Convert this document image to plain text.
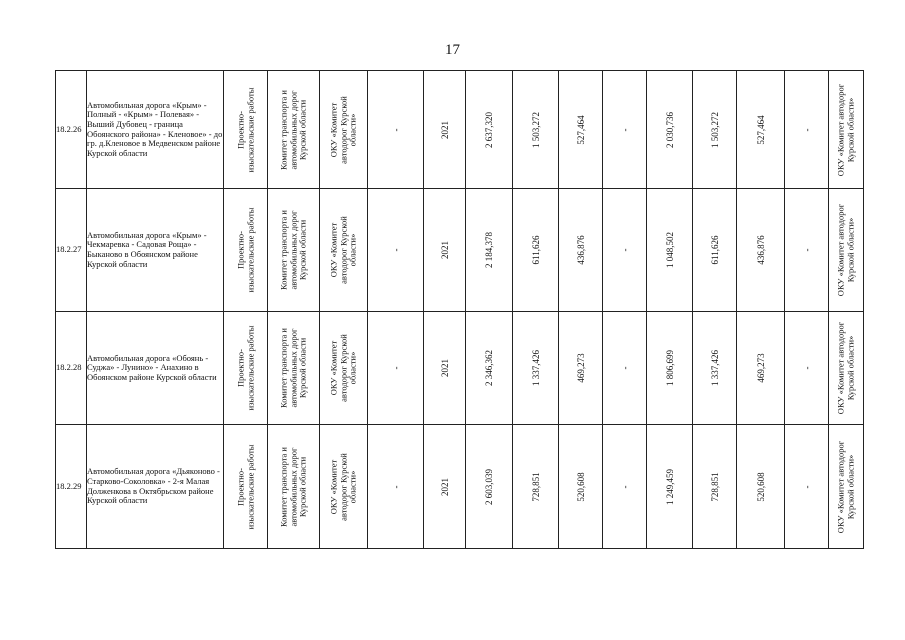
17
18.2.26	Автомобильная дорога «Крым» - Полный - «Крым» - Полевая» - Выший Дубовец - граница Обоянского района» - Кленовое» - до гр. д.Кленовое в Медвенском районе Курской области	Проектно-изыскательские работы	Комитет транспорта и автомобильных дорог Курской области	ОКУ «Комитет автодорог Курской области»	-	2021	2 637,320	1 503,272	527,464	-	2 030,736	1 503,272	527,464	-	ОКУ «Комитет автодорог Курской области»

18.2.27	Автомобильная дорога «Крым» - Чекмаревка - Садовая Роща» - Быканово в Обоянском районе Курской области	Проектно-изыскательские работы	Комитет транспорта и автомобильных дорог Курской области	ОКУ «Комитет автодорог Курской области»	-	2021	2 184,378	611,626	436,876	-	1 048,502	611,626	436,876	-	ОКУ «Комитет автодорог Курской области»

18.2.28	Автомобильная дорога «Обоянь - Суджа» - Лунино» - Анахино в Обоянском районе Курской области	Проектно-изыскательские работы	Комитет транспорта и автомобильных дорог Курской области	ОКУ «Комитет автодорог Курской области»	-	2021	2 346,362	1 337,426	469,273	-	1 806,699	1 337,426	469,273	-	ОКУ «Комитет автодорог Курской области»

18.2.29	Автомобильная дорога «Дьяконово - Старково-Соколовка» - 2-я Малая Долженкова в Октябрьском районе Курской области	Проектно-изыскательские работы	Комитет транспорта и автомобильных дорог Курской области	ОКУ «Комитет автодорог Курской области»	-	2021	2 603,039	728,851	520,608	-	1 249,459	728,851	520,608	-	ОКУ «Комитет автодорог Курской области»
